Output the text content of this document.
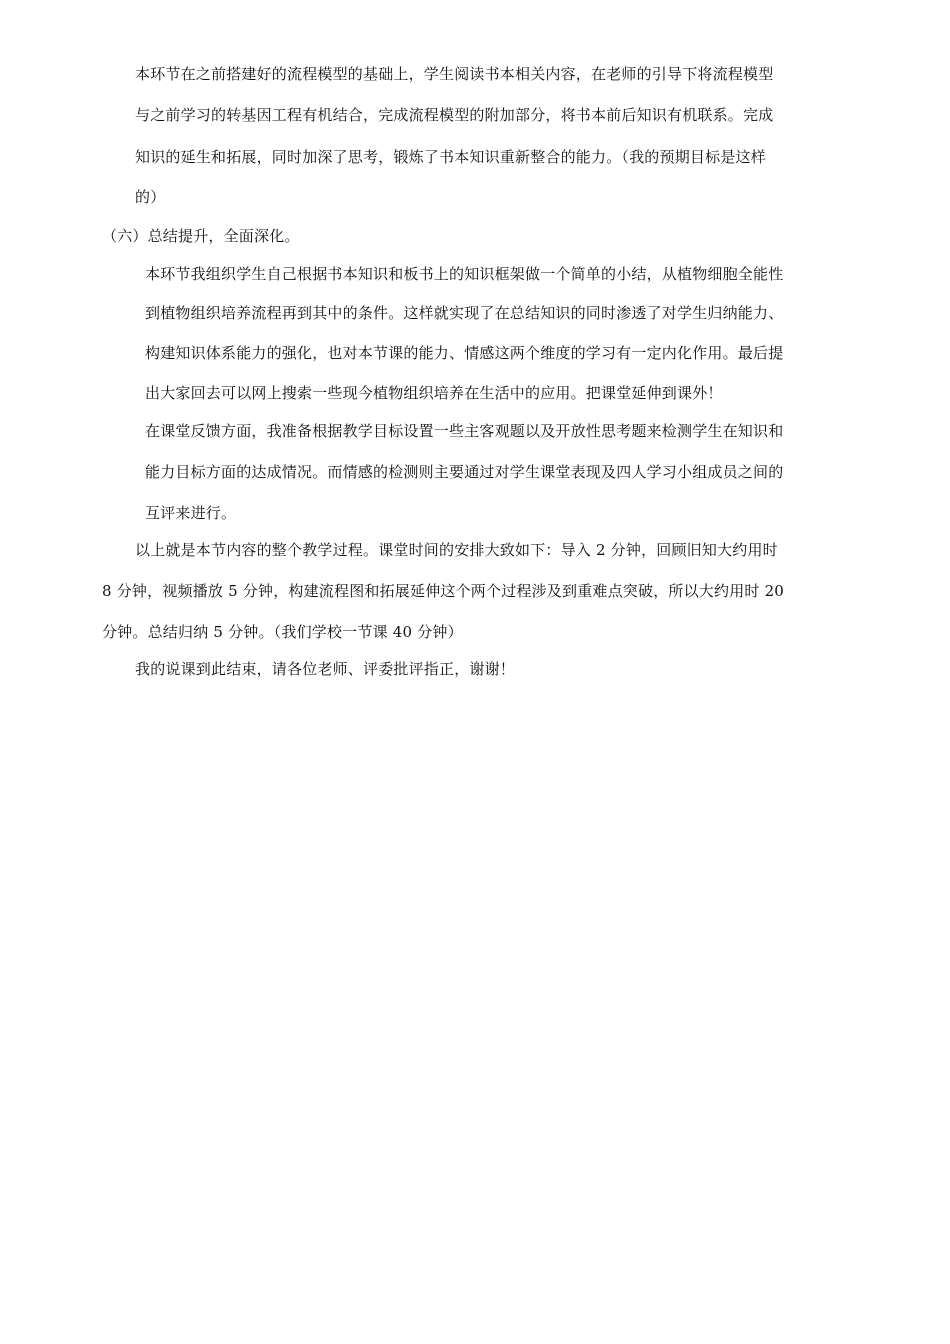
本环节在之前搭建好的流程模型的基础上，学生阅读书本相关内容，在老师的引导下将流程模型
与之前学习的转基因工程有机结合，完成流程模型的附加部分，将书本前后知识有机联系。完成
知识的延生和拓展，同时加深了思考，锻炼了书本知识重新整合的能力。（我的预期目标是这样
的）
（六）总结提升，全面深化。
本环节我组织学生自己根据书本知识和板书上的知识框架做一个简单的小结，从植物细胞全能性
到植物组织培养流程再到其中的条件。这样就实现了在总结知识的同时渗透了对学生归纳能力、
构建知识体系能力的强化，也对本节课的能力、情感这两个维度的学习有一定内化作用。最后提
出大家回去可以网上搜索一些现今植物组织培养在生活中的应用。把课堂延伸到课外！
在课堂反馈方面，我准备根据教学目标设置一些主客观题以及开放性思考题来检测学生在知识和
能力目标方面的达成情况。而情感的检测则主要通过对学生课堂表现及四人学习小组成员之间的
互评来进行。
以上就是本节内容的整个教学过程。课堂时间的安排大致如下：导入 2 分钟，回顾旧知大约用时
8 分钟，视频播放 5 分钟，构建流程图和拓展延伸这个两个过程涉及到重难点突破，所以大约用时 20
分钟。总结归纳 5 分钟。（我们学校一节课 40 分钟）
我的说课到此结束，请各位老师、评委批评指正，谢谢！
